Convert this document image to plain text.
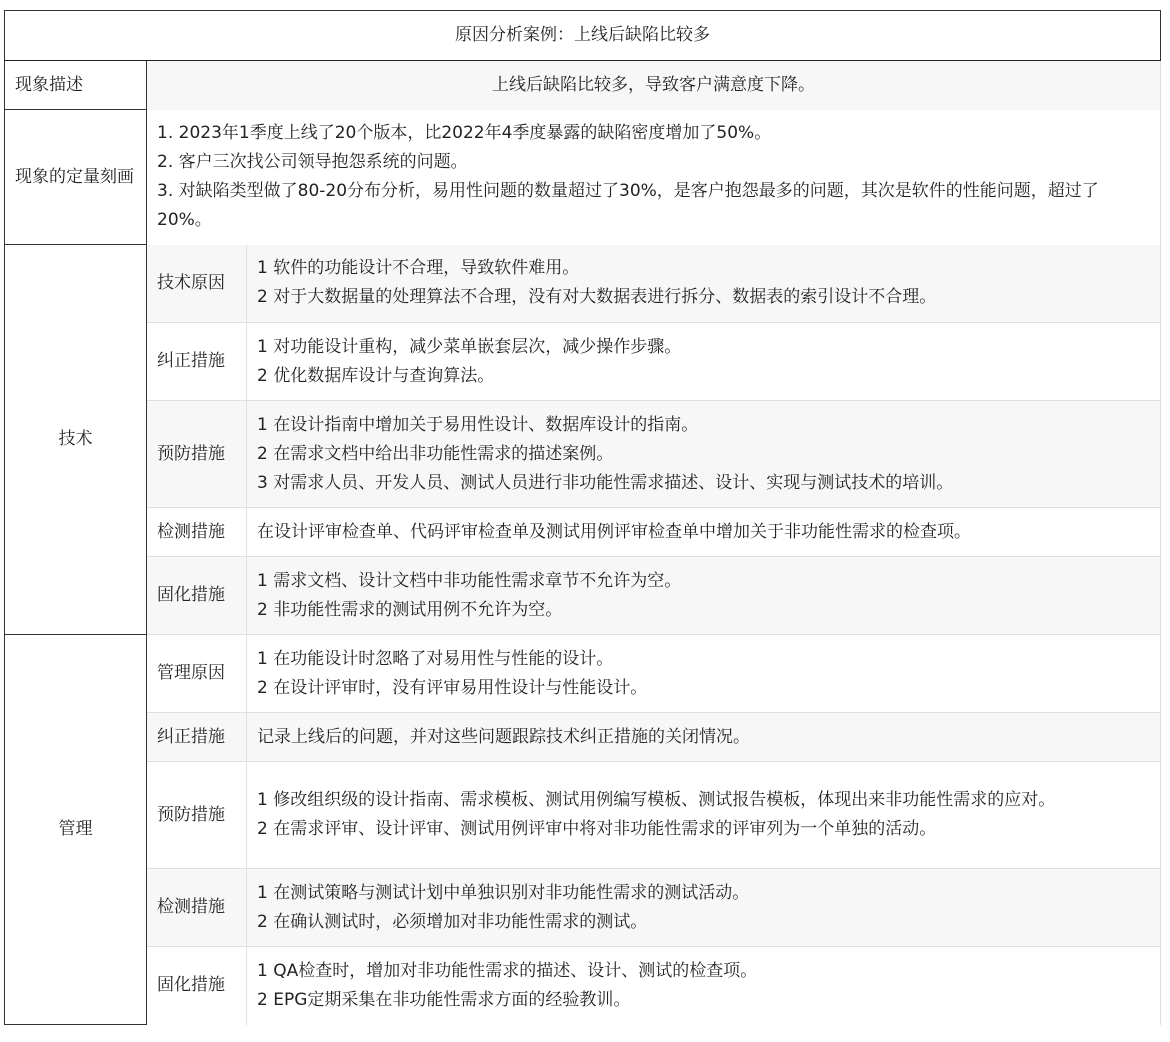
原因分析案例：上线后缺陷比较多		
现象描述	上线后缺陷比较多，导致客户满意度下降。	
现象的定量刻画	1. 2023年1季度上线了20个版本，比2022年4季度暴露的缺陷密度增加了50%。
2. 客户三次找公司领导抱怨系统的问题。
3. 对缺陷类型做了80-20分布分析，易用性问题的数量超过了30%，是客户抱怨最多的问题，其次是软件的性能问题，超过了20%。	

技术	技术原因	1 软件的功能设计不合理，导致软件难用。
2 对于大数据量的处理算法不合理，没有对大数据表进行拆分、数据表的索引设计不合理。

	纠正措施	1 对功能设计重构，减少菜单嵌套层次，减少操作步骤。
2 优化数据库设计与查询算法。

	预防措施	1 在设计指南中增加关于易用性设计、数据库设计的指南。
2 在需求文档中给出非功能性需求的描述案例。
3 对需求人员、开发人员、测试人员进行非功能性需求描述、设计、实现与测试技术的培训。

	检测措施	在设计评审检查单、代码评审检查单及测试用例评审检查单中增加关于非功能性需求的检查项。

	固化措施	1 需求文档、设计文档中非功能性需求章节不允许为空。
2 非功能性需求的测试用例不允许为空。

管理	管理原因	1 在功能设计时忽略了对易用性与性能的设计。
2 在设计评审时，没有评审易用性设计与性能设计。

	纠正措施	记录上线后的问题，并对这些问题跟踪技术纠正措施的关闭情况。

	预防措施	1 修改组织级的设计指南、需求模板、测试用例编写模板、测试报告模板，体现出来非功能性需求的应对。
2 在需求评审、设计评审、测试用例评审中将对非功能性需求的评审列为一个单独的活动。

	检测措施	1 在测试策略与测试计划中单独识别对非功能性需求的测试活动。
2 在确认测试时，必须增加对非功能性需求的测试。

	固化措施	1 QA检查时，增加对非功能性需求的描述、设计、测试的检查项。
2 EPG定期采集在非功能性需求方面的经验教训。
